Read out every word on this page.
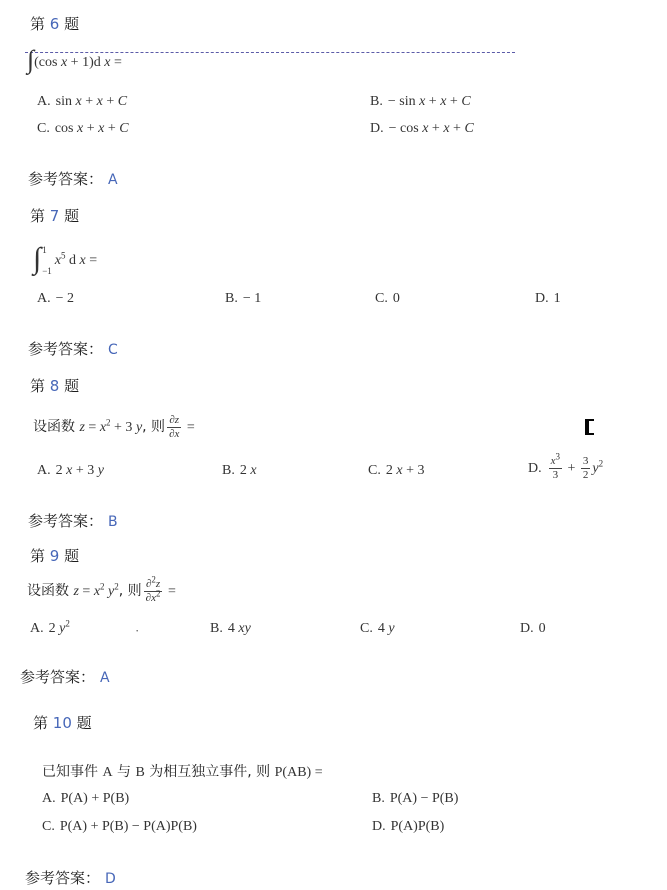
第 6 题
∫(cos x + 1)d x =
A. sin x + x + C	B. − sin x + x + C
C. cos x + x + C	D. − cos x + x + C
参考答案： A
第 7 题
∫ 1
−1
$x^5$ d x =
A. − 2	B. − 1	C. 0	D. 1
参考答案： C
第 8 题
设函数 $z = x^2 + 3$ y, 则 $\frac{\partial z}{\partial x}$ =
A. 2 x + 3 y	B. 2 x	C. 2 x + 3	D. $\frac{x^3}{3} + \frac{3}{2} y^2$
参考答案： B
第 9 题
设函数 $z = x^2$ $y^2$, 则 $\frac{\partial^2z}{\partial x^2}$ =
A. 2 $y^2$	·	B. 4 xy	C. 4 y	D. 0
参考答案： A
第 10 题
已知事件 A 与 B 为相互独立事件, 则 P(AB) =
A. P(A) + P(B)	B. P(A) − P(B)
C. P(A) + P(B) − P(A)P(B)	D. P(A)P(B)
参考答案： D
